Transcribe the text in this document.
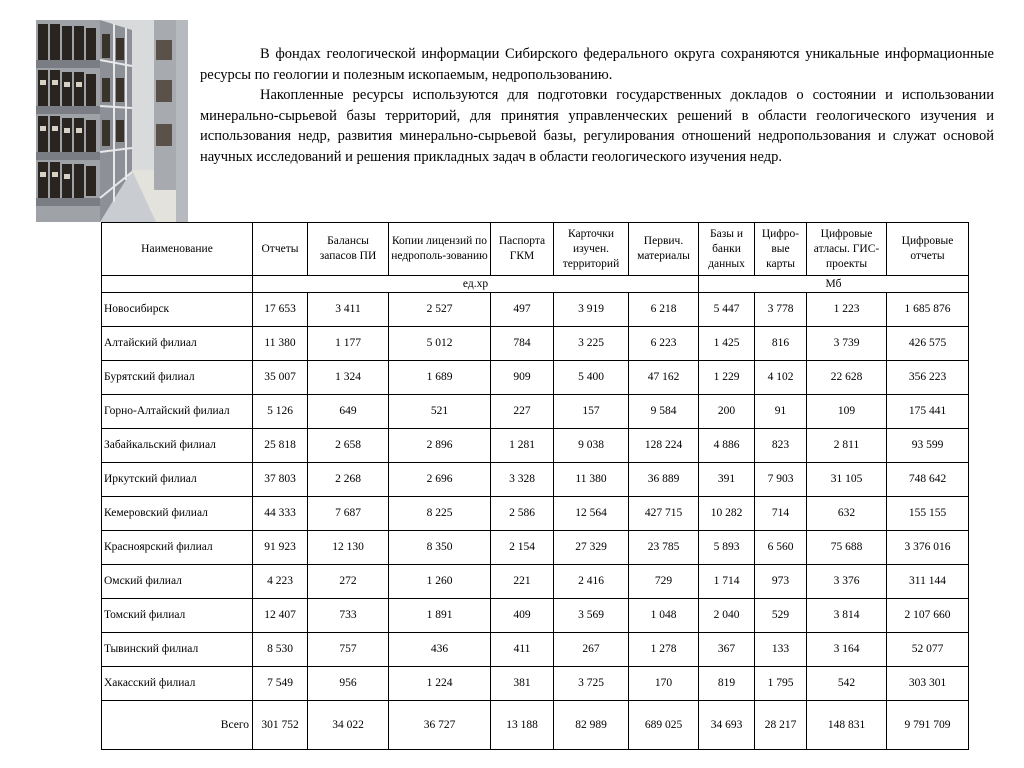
В фондах геологической информации Сибирского федерального округа сохраняются уникальные информационные ресурсы по геологии и полезным ископаемым, недропользованию.

Накопленные ресурсы используются для подготовки государственных докладов о состоянии и использовании минерально-сырьевой базы территорий, для принятия управленческих решений в области геологического изучения и использования недр, развития минерально-сырьевой базы, регулирования отношений недропользования и служат основой научных исследований и решения прикладных задач в области геологического изучения недр.

Наименование	Отчеты	Балансы запасов ПИ	Копии лицензий по недрополь-зованию	Паспорта ГКМ	Карточки изучен. территорий	Первич. материалы	Базы и банки данных	Цифро-вые карты	Цифровые атласы. ГИС-проекты	Цифровые отчеты
	ед.хр						Мб			
Новосибирск	17 653	3 411	2 527	497	3 919	6 218	5 447	3 778	1 223	1 685 876
Алтайский филиал	11 380	1 177	5 012	784	3 225	6 223	1 425	816	3 739	426 575
Бурятский филиал	35 007	1 324	1 689	909	5 400	47 162	1 229	4 102	22 628	356 223
Горно-Алтайский филиал	5 126	649	521	227	157	9 584	200	91	109	175 441
Забайкальский филиал	25 818	2 658	2 896	1 281	9 038	128 224	4 886	823	2 811	93 599
Иркутский филиал	37 803	2 268	2 696	3 328	11 380	36 889	391	7 903	31 105	748 642
Кемеровский филиал	44 333	7 687	8 225	2 586	12 564	427 715	10 282	714	632	155 155
Красноярский филиал	91 923	12 130	8 350	2 154	27 329	23 785	5 893	6 560	75 688	3 376 016
Омский филиал	4 223	272	1 260	221	2 416	729	1 714	973	3 376	311 144
Томский филиал	12 407	733	1 891	409	3 569	1 048	2 040	529	3 814	2 107 660
Тывинский филиал	8 530	757	436	411	267	1 278	367	133	3 164	52 077
Хакасский филиал	7 549	956	1 224	381	3 725	170	819	1 795	542	303 301
Всего	301 752	34 022	36 727	13 188	82 989	689 025	34 693	28 217	148 831	9 791 709
